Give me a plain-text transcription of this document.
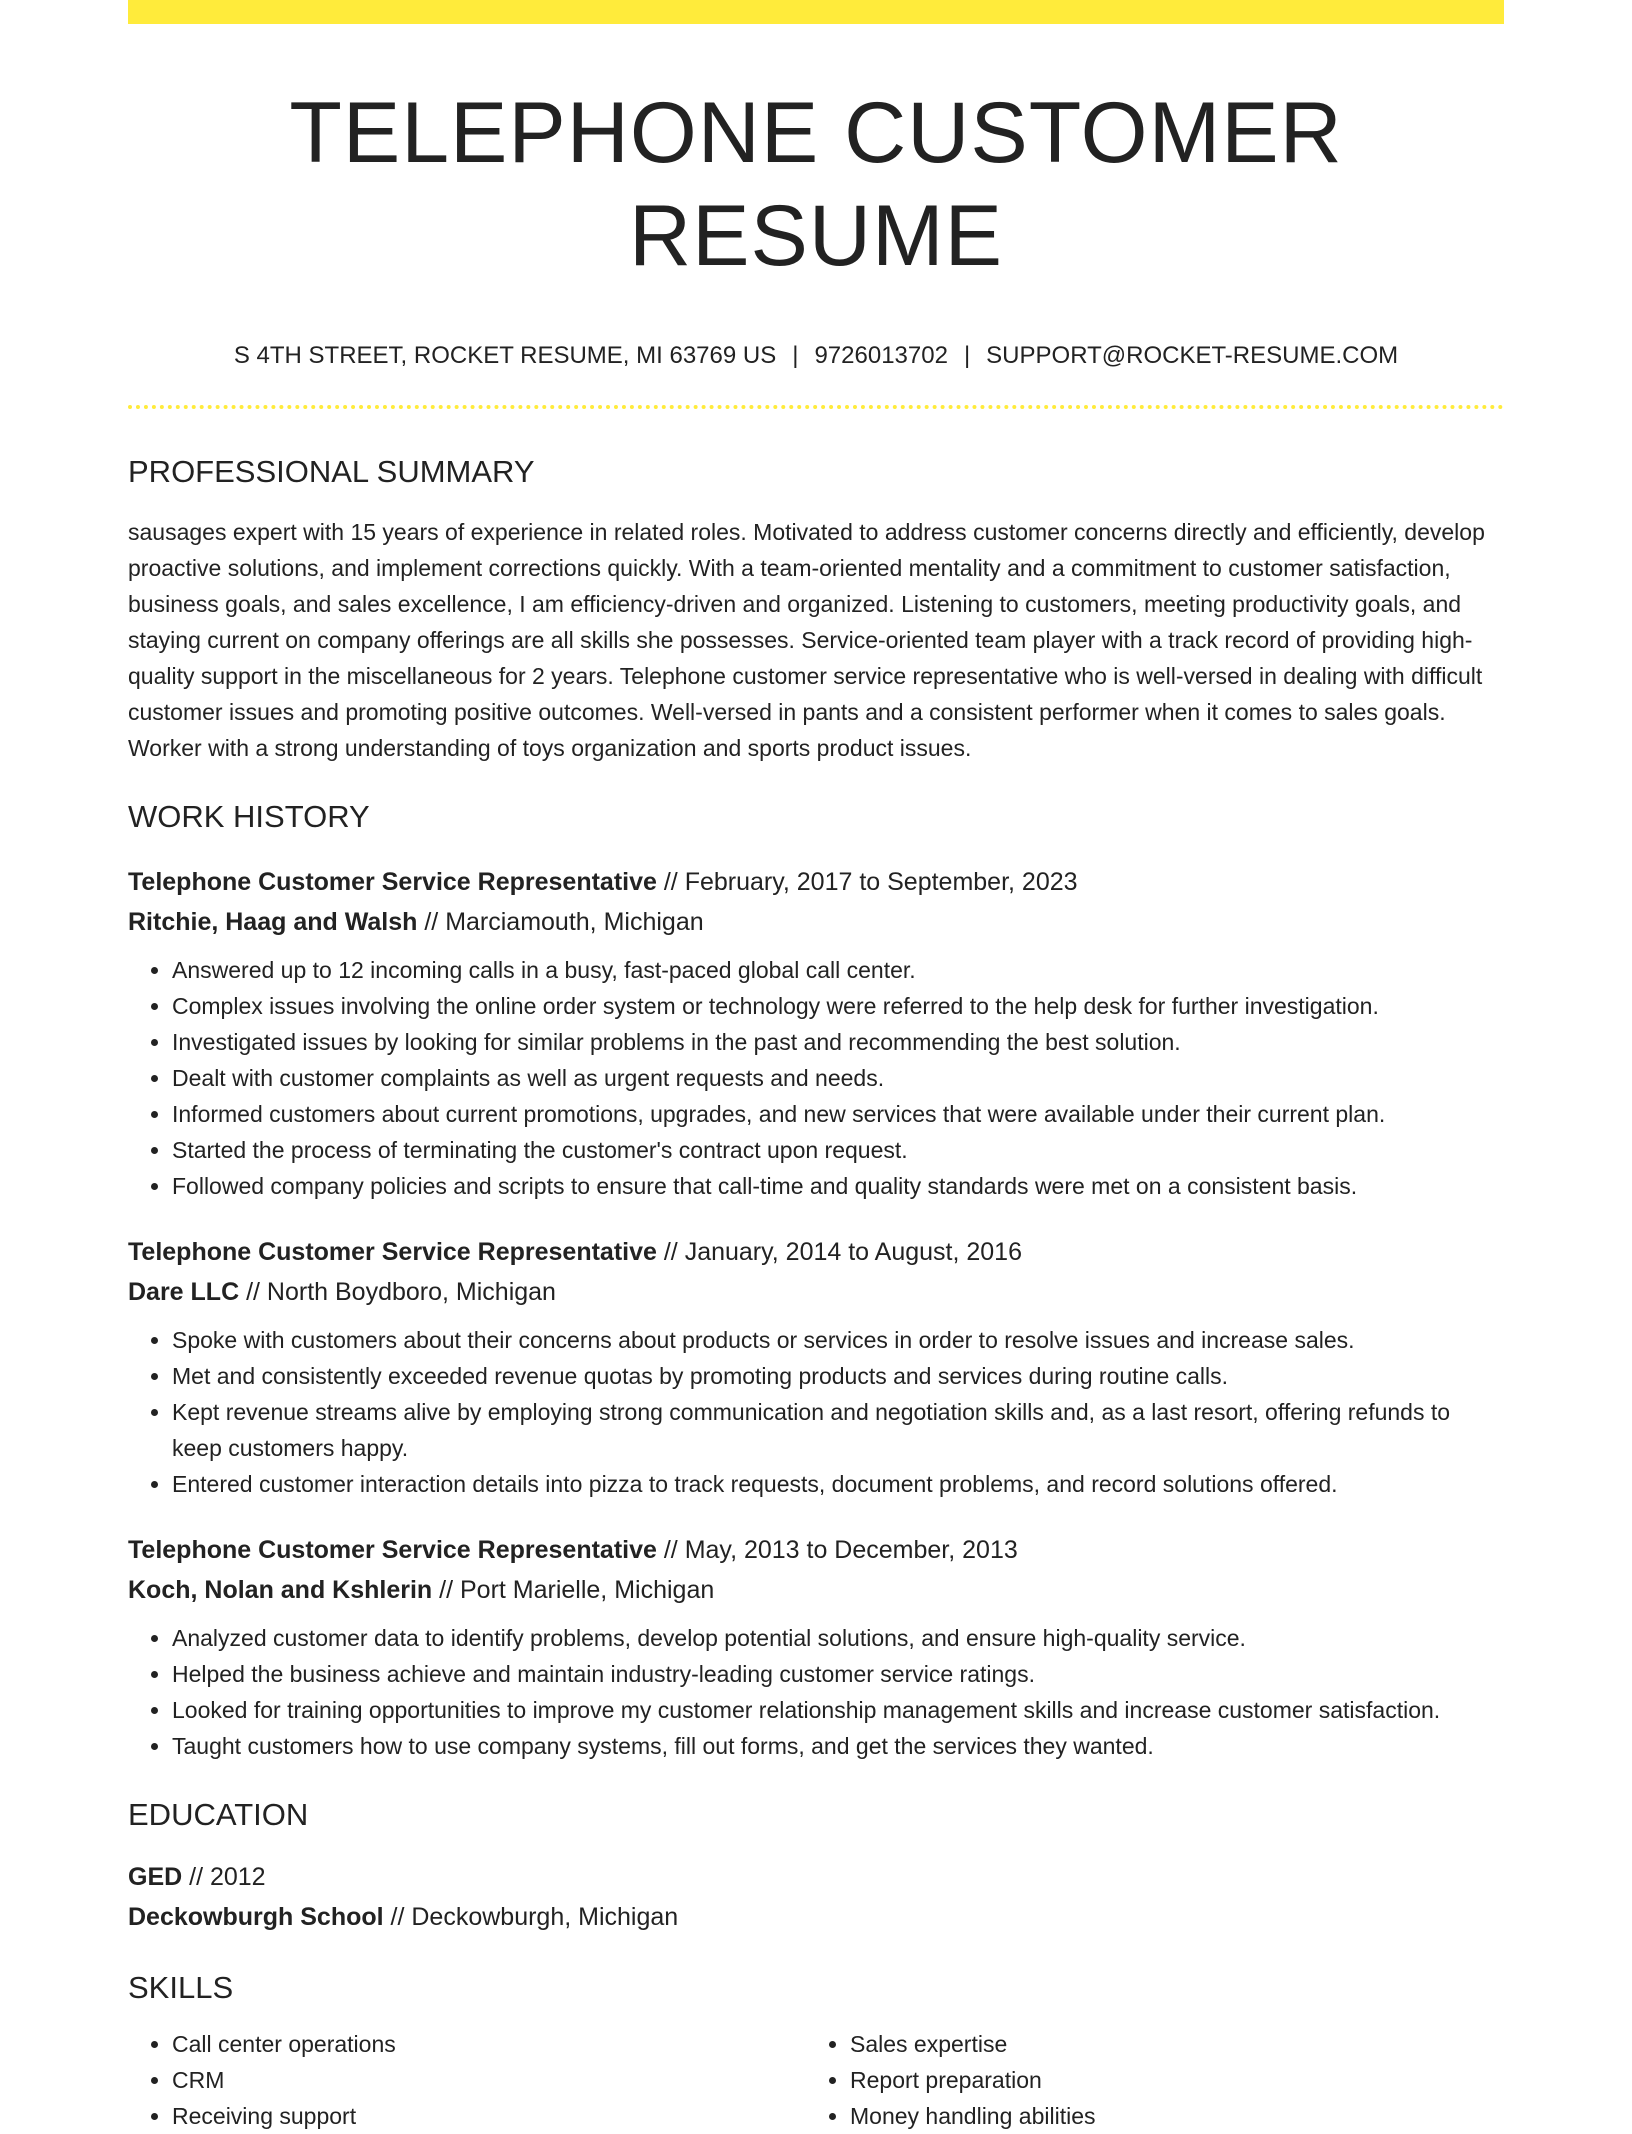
TELEPHONE CUSTOMER RESUME
S 4TH STREET, ROCKET RESUME, MI 63769 US | 9726013702 | SUPPORT@ROCKET-RESUME.COM
PROFESSIONAL SUMMARY

sausages expert with 15 years of experience in related roles. Motivated to address customer concerns directly and efficiently, develop proactive solutions, and implement corrections quickly. With a team-oriented mentality and a commitment to customer satisfaction, business goals, and sales excellence, I am efficiency-driven and organized. Listening to customers, meeting productivity goals, and staying current on company offerings are all skills she possesses. Service-oriented team player with a track record of providing high-quality support in the miscellaneous for 2 years. Telephone customer service representative who is well-versed in dealing with difficult customer issues and promoting positive outcomes. Well-versed in pants and a consistent performer when it comes to sales goals. Worker with a strong understanding of toys organization and sports product issues.

WORK HISTORY
Telephone Customer Service Representative // February, 2017 to September, 2023
Ritchie, Haag and Walsh // Marciamouth, Michigan
• Answered up to 12 incoming calls in a busy, fast-paced global call center.
• Complex issues involving the online order system or technology were referred to the help desk for further investigation.
• Investigated issues by looking for similar problems in the past and recommending the best solution.
• Dealt with customer complaints as well as urgent requests and needs.
• Informed customers about current promotions, upgrades, and new services that were available under their current plan.
• Started the process of terminating the customer's contract upon request.
• Followed company policies and scripts to ensure that call-time and quality standards were met on a consistent basis.
Telephone Customer Service Representative // January, 2014 to August, 2016
Dare LLC // North Boydboro, Michigan
• Spoke with customers about their concerns about products or services in order to resolve issues and increase sales.
• Met and consistently exceeded revenue quotas by promoting products and services during routine calls.
• Kept revenue streams alive by employing strong communication and negotiation skills and, as a last resort, offering refunds to keep customers happy.
• Entered customer interaction details into pizza to track requests, document problems, and record solutions offered.
Telephone Customer Service Representative // May, 2013 to December, 2013
Koch, Nolan and Kshlerin // Port Marielle, Michigan
• Analyzed customer data to identify problems, develop potential solutions, and ensure high-quality service.
• Helped the business achieve and maintain industry-leading customer service ratings.
• Looked for training opportunities to improve my customer relationship management skills and increase customer satisfaction.
• Taught customers how to use company systems, fill out forms, and get the services they wanted.
EDUCATION
GED // 2012
Deckowburgh School // Deckowburgh, Michigan
SKILLS
• Call center operations
• CRM
• Receiving support
• Sales expertise
• Report preparation
• Money handling abilities
